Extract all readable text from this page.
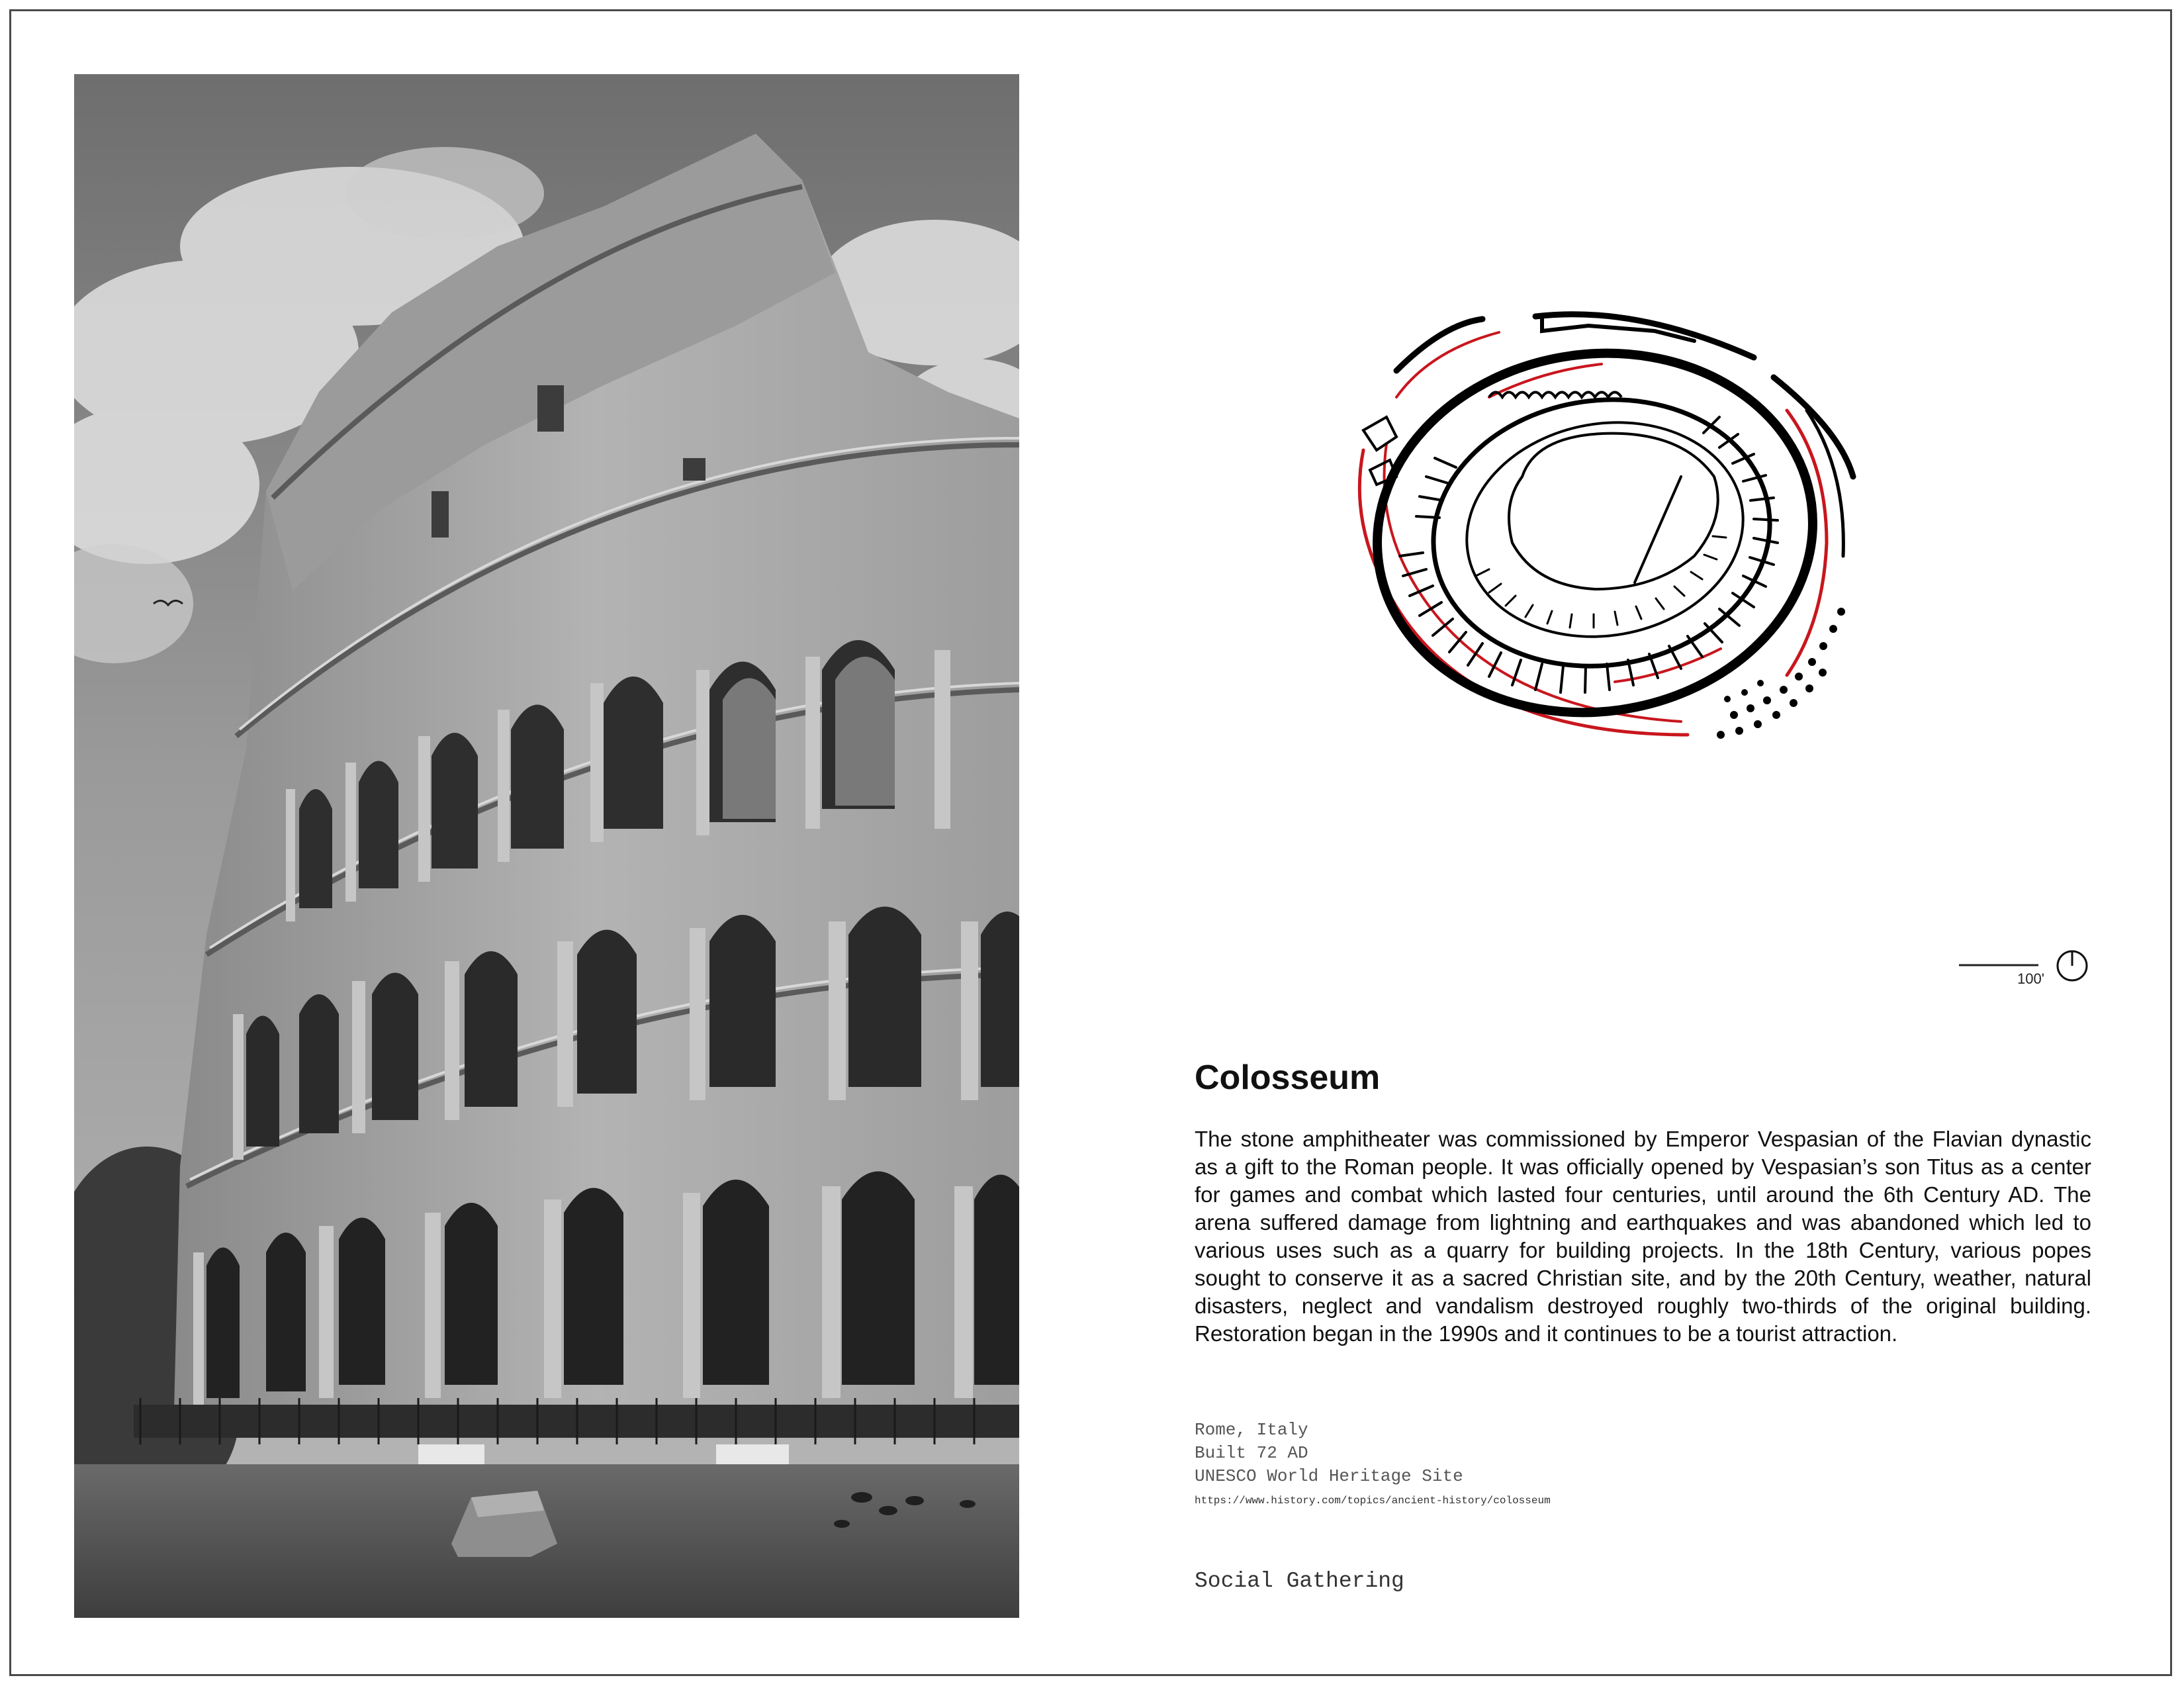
100'
Colosseum

The stone amphitheater was commissioned by Emperor Vespasian of the Flavian dynastic as a gift to the Roman people. It was officially opened by Vespasian’s son Titus as a center for games and combat which lasted four centuries, until around the 6th Century AD. The arena suffered damage from lightning and earthquakes and was abandoned which led to various uses such as a quarry for building projects. In the 18th Century, various popes sought to conserve it as a sacred Christian site, and by the 20th Century, weather, natural disasters, neglect and vandalism destroyed roughly two-thirds of the original building. Restoration began in the 1990s and it continues to be a tourist attraction.

Rome, Italy
Built 72 AD
UNESCO World Heritage Site
https://www.history.com/topics/ancient-history/colosseum
Social Gathering
